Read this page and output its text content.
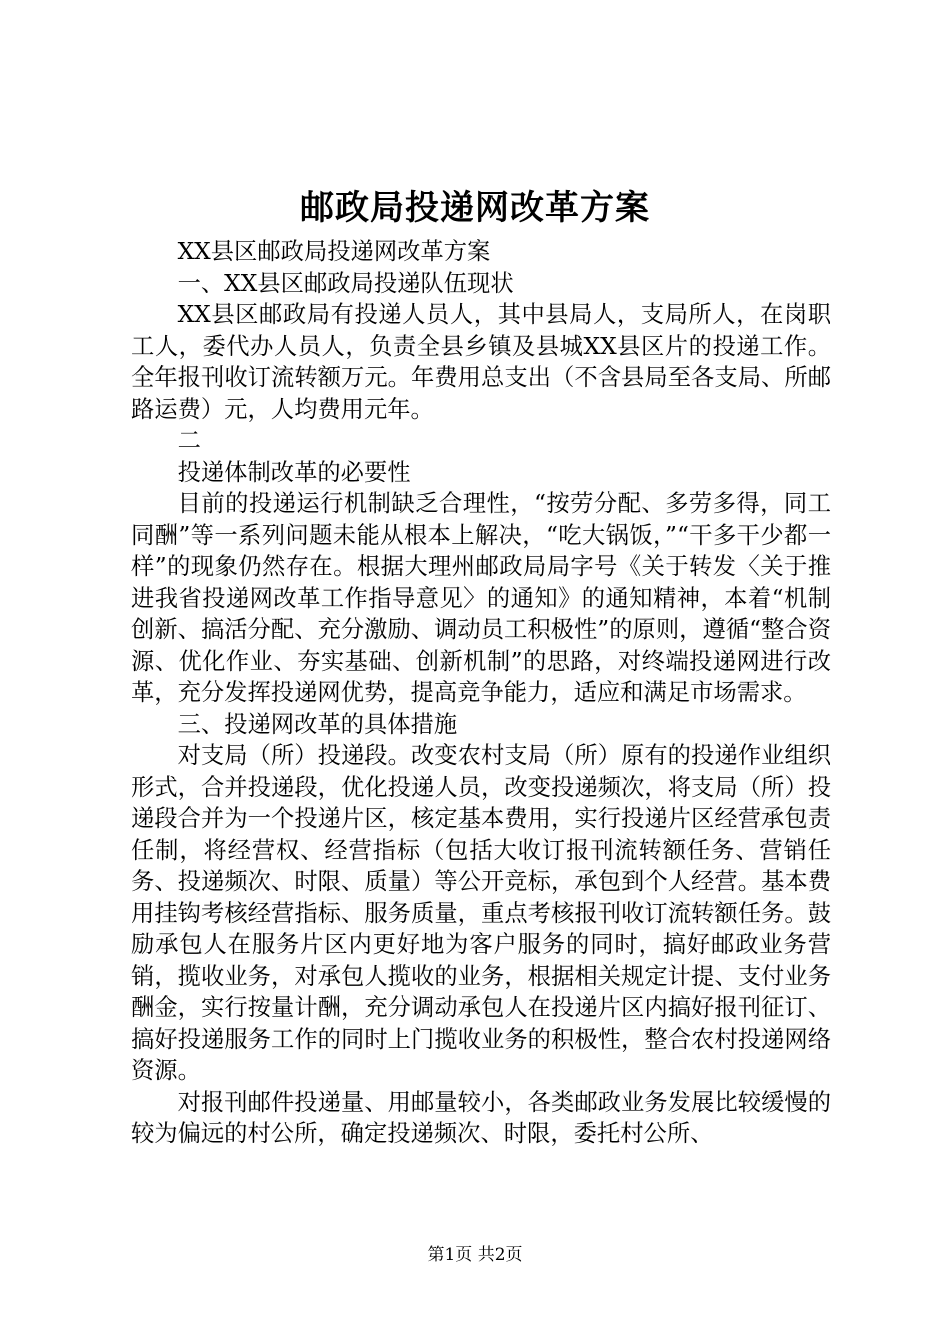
邮政局投递网改革方案

XX县区邮政局投递网改革方案

一、XX县区邮政局投递队伍现状

XX县区邮政局有投递人员人，其中县局人，支局所人，在岗职工人，委代办人员人，负责全县乡镇及县城XX县区片的投递工作。全年报刊收订流转额万元。年费用总支出（不含县局至各支局、所邮路运费）元，人均费用元年。

二

投递体制改革的必要性

目前的投递运行机制缺乏合理性，“按劳分配、多劳多得，同工同酬”等一系列问题未能从根本上解决，“吃大锅饭，”“干多干少都一样”的现象仍然存在。根据大理州邮政局局字号《关于转发〈关于推进我省投递网改革工作指导意见〉的通知》的通知精神，本着“机制创新、搞活分配、充分激励、调动员工积极性”的原则，遵循“整合资源、优化作业、夯实基础、创新机制”的思路，对终端投递网进行改革，充分发挥投递网优势，提高竞争能力，适应和满足市场需求。

三、投递网改革的具体措施

对支局（所）投递段。改变农村支局（所）原有的投递作业组织形式，合并投递段，优化投递人员，改变投递频次，将支局（所）投递段合并为一个投递片区，核定基本费用，实行投递片区经营承包责任制，将经营权、经营指标（包括大收订报刊流转额任务、营销任务、投递频次、时限、质量）等公开竞标，承包到个人经营。基本费用挂钩考核经营指标、服务质量，重点考核报刊收订流转额任务。鼓励承包人在服务片区内更好地为客户服务的同时，搞好邮政业务营销，揽收业务，对承包人揽收的业务，根据相关规定计提、支付业务酬金，实行按量计酬，充分调动承包人在投递片区内搞好报刊征订、搞好投递服务工作的同时上门揽收业务的积极性，整合农村投递网络资源。

对报刊邮件投递量、用邮量较小，各类邮政业务发展比较缓慢的较为偏远的村公所，确定投递频次、时限，委托村公所、

第1页 共2页
